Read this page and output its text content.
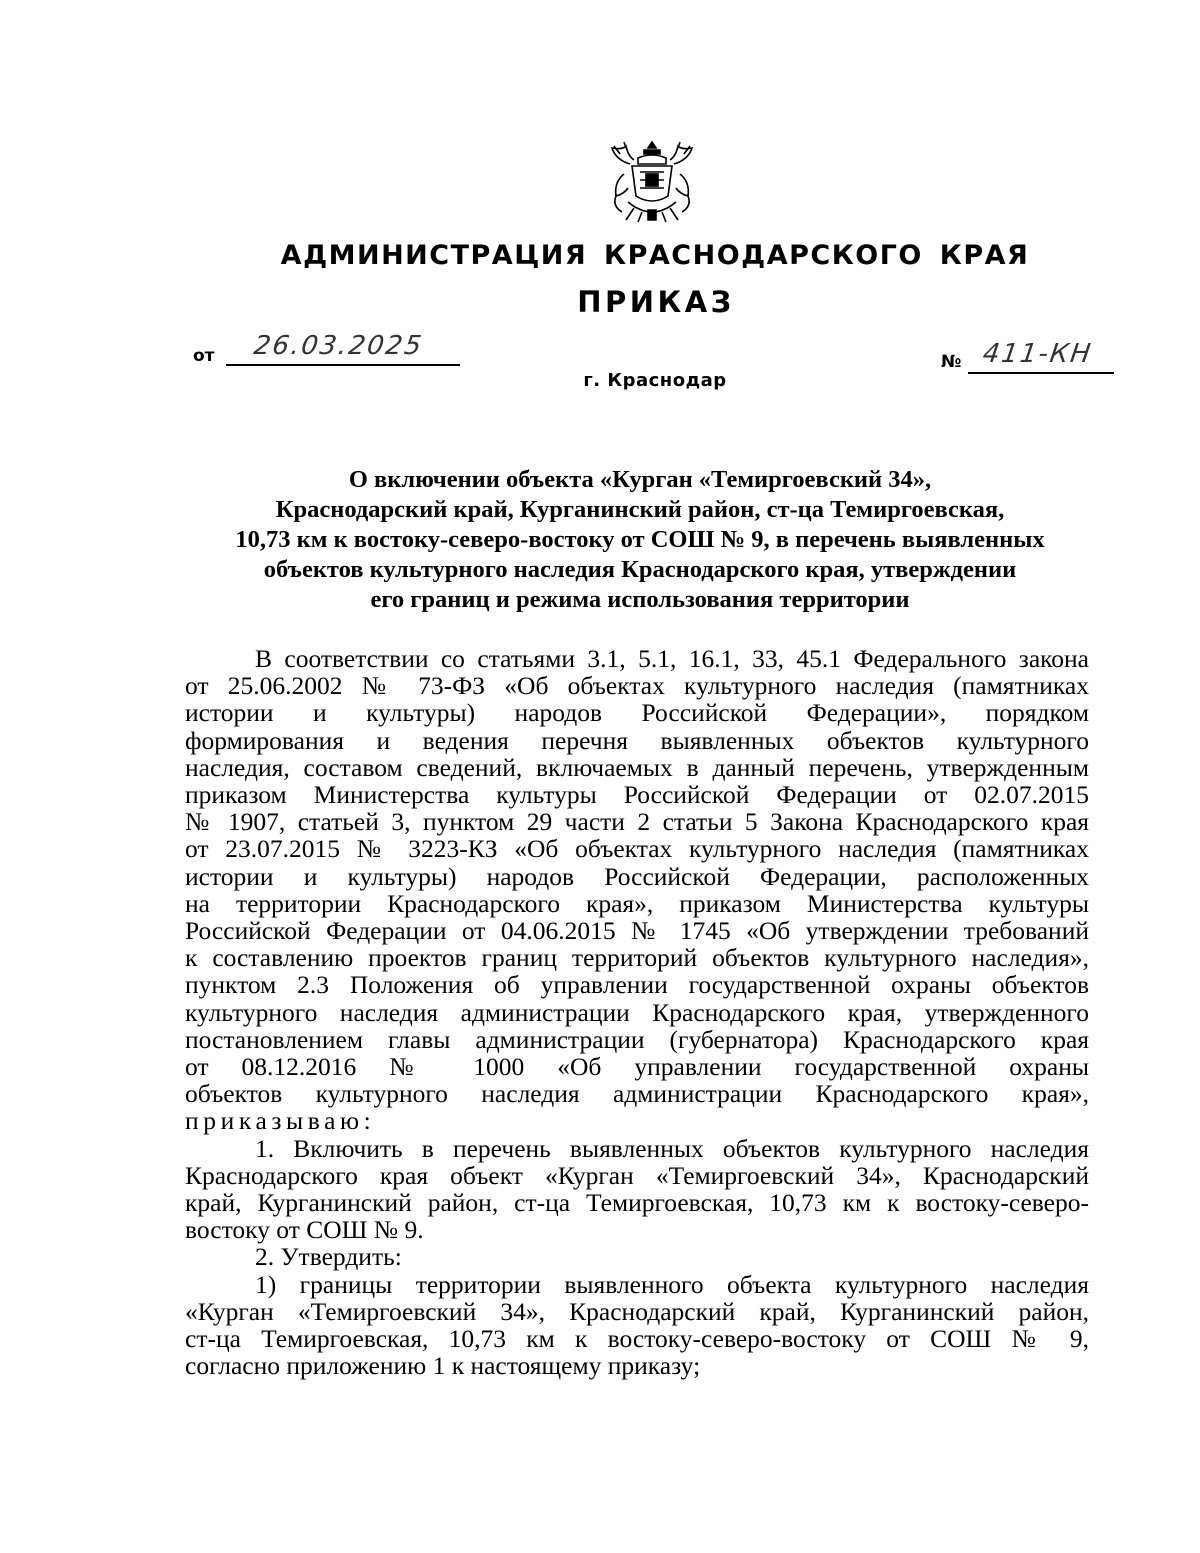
АДМИНИСТРАЦИЯ КРАСНОДАРСКОГО КРАЯ
ПРИКАЗ
от 26.03.2025
№ 411-КН
г. Краснодар
О включении объекта «Курган «Темиргоевский 34»,
Краснодарский край, Курганинский район, ст-ца Темиргоевская,
10,73 км к востоку-северо-востоку от СОШ № 9, в перечень выявленных
объектов культурного наследия Краснодарского края, утверждении
его границ и режима использования территории
В соответствии со статьями 3.1, 5.1, 16.1, 33, 45.1 Федерального закона
от 25.06.2002 № 73-ФЗ «Об объектах культурного наследия (памятниках
истории и культуры) народов Российской Федерации», порядком
формирования и ведения перечня выявленных объектов культурного
наследия, составом сведений, включаемых в данный перечень, утвержденным
приказом Министерства культуры Российской Федерации от 02.07.2015
№ 1907, статьей 3, пунктом 29 части 2 статьи 5 Закона Краснодарского края
от 23.07.2015 № 3223-КЗ «Об объектах культурного наследия (памятниках
истории и культуры) народов Российской Федерации, расположенных
на территории Краснодарского края», приказом Министерства культуры
Российской Федерации от 04.06.2015 № 1745 «Об утверждении требований
к составлению проектов границ территорий объектов культурного наследия»,
пунктом 2.3 Положения об управлении государственной охраны объектов
культурного наследия администрации Краснодарского края, утвержденного
постановлением главы администрации (губернатора) Краснодарского края
от 08.12.2016 № 1000 «Об управлении государственной охраны
объектов культурного наследия администрации Краснодарского края»,
приказываю:
1. Включить в перечень выявленных объектов культурного наследия
Краснодарского края объект «Курган «Темиргоевский 34», Краснодарский
край, Курганинский район, ст-ца Темиргоевская, 10,73 км к востоку-северо-
востоку от СОШ № 9.
2. Утвердить:
1) границы территории выявленного объекта культурного наследия
«Курган «Темиргоевский 34», Краснодарский край, Курганинский район,
ст-ца Темиргоевская, 10,73 км к востоку-северо-востоку от СОШ № 9,
согласно приложению 1 к настоящему приказу;
